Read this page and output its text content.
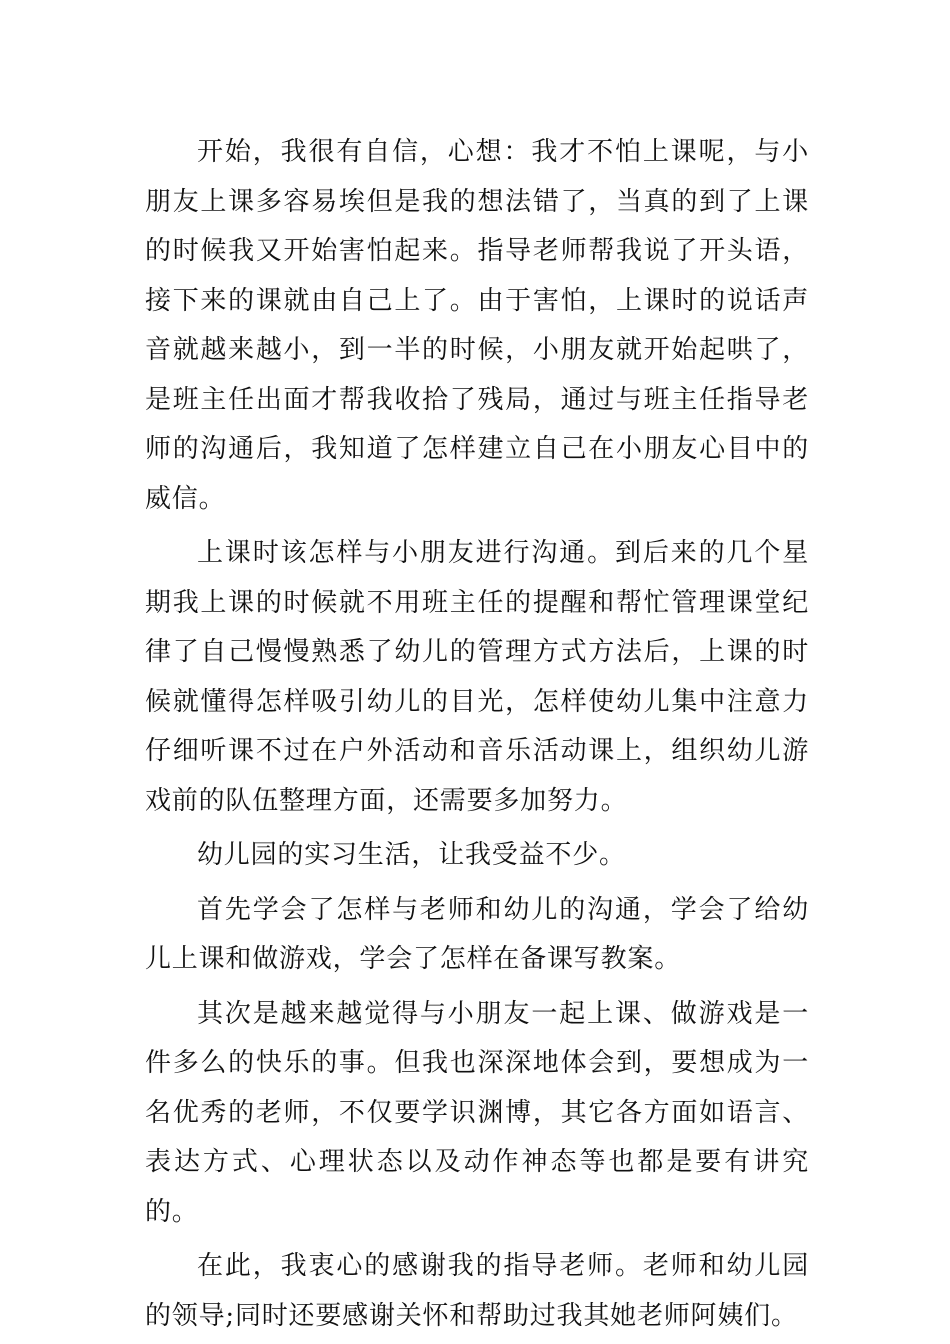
开始，我很有自信，心想：我才不怕上课呢，与小朋友上课多容易埃但是我的想法错了，当真的到了上课的时候我又开始害怕起来。指导老师帮我说了开头语，接下来的课就由自己上了。由于害怕，上课时的说话声音就越来越小，到一半的时候，小朋友就开始起哄了，是班主任出面才帮我收拾了残局，通过与班主任指导老师的沟通后，我知道了怎样建立自己在小朋友心目中的威信。

上课时该怎样与小朋友进行沟通。到后来的几个星期我上课的时候就不用班主任的提醒和帮忙管理课堂纪律了自己慢慢熟悉了幼儿的管理方式方法后，上课的时候就懂得怎样吸引幼儿的目光，怎样使幼儿集中注意力仔细听课不过在户外活动和音乐活动课上，组织幼儿游戏前的队伍整理方面，还需要多加努力。

幼儿园的实习生活，让我受益不少。

首先学会了怎样与老师和幼儿的沟通，学会了给幼儿上课和做游戏，学会了怎样在备课写教案。

其次是越来越觉得与小朋友一起上课、做游戏是一件多么的快乐的事。但我也深深地体会到，要想成为一名优秀的老师，不仅要学识渊博，其它各方面如语言、表达方式、心理状态以及动作神态等也都是要有讲究的。

在此，我衷心的感谢我的指导老师。老师和幼儿园的领导;同时还要感谢关怀和帮助过我其她老师阿姨们。
